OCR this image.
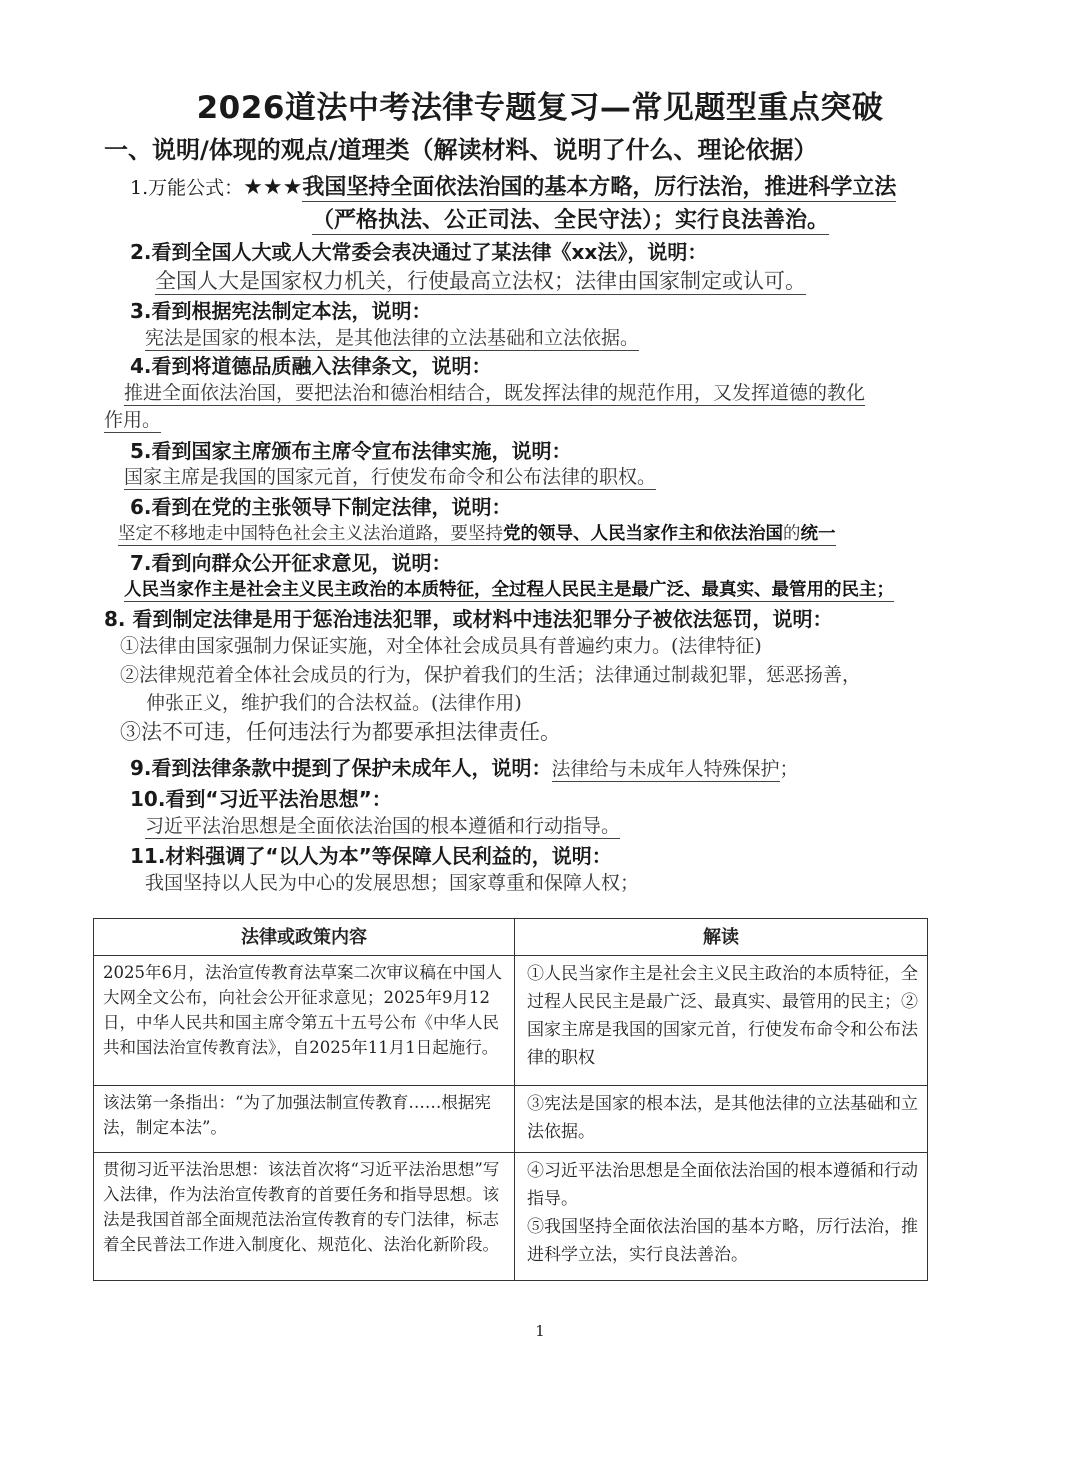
2026道法中考法律专题复习—常见题型重点突破
一、说明/体现的观点/道理类（解读材料、说明了什么、理论依据）
1.万能公式：★★★我国坚持全面依法治国的基本方略，厉行法治，推进科学立法
（严格执法、公正司法、全民守法）；实行良法善治。
2.看到全国人大或人大常委会表决通过了某法律《xx法》，说明：
全国人大是国家权力机关，行使最高立法权；法律由国家制定或认可。
3.看到根据宪法制定本法，说明：
宪法是国家的根本法，是其他法律的立法基础和立法依据。
4.看到将道德品质融入法律条文，说明：
推进全面依法治国，要把法治和德治相结合，既发挥法律的规范作用，又发挥道德的教化
作用。
5.看到国家主席颁布主席令宣布法律实施，说明：
国家主席是我国的国家元首，行使发布命令和公布法律的职权。
6.看到在党的主张领导下制定法律，说明：
坚定不移地走中国特色社会主义法治道路，要坚持党的领导、人民当家作主和依法治国的统一
7.看到向群众公开征求意见，说明：
人民当家作主是社会主义民主政治的本质特征，全过程人民民主是最广泛、最真实、最管用的民主；
8. 看到制定法律是用于惩治违法犯罪，或材料中违法犯罪分子被依法惩罚，说明：
①法律由国家强制力保证实施，对全体社会成员具有普遍约束力。(法律特征)
②法律规范着全体社会成员的行为，保护着我们的生活；法律通过制裁犯罪，惩恶扬善，
伸张正义，维护我们的合法权益。(法律作用)
③法不可违，任何违法行为都要承担法律责任。
9.看到法律条款中提到了保护未成年人，说明：法律给与未成年人特殊保护；
10.看到“习近平法治思想”：
习近平法治思想是全面依法治国的根本遵循和行动指导。
11.材料强调了“以人为本”等保障人民利益的，说明：
我国坚持以人民为中心的发展思想；国家尊重和保障人权；
法律或政策内容	解读
2025年6月，法治宣传教育法草案二次审议稿在中国人大网全文公布，向社会公开征求意见；2025年9月12日，中华人民共和国主席令第五十五号公布《中华人民共和国法治宣传教育法》，自2025年11月1日起施行。	①人民当家作主是社会主义民主政治的本质特征，全过程人民民主是最广泛、最真实、最管用的民主；②国家主席是我国的国家元首，行使发布命令和公布法律的职权
该法第一条指出：“为了加强法制宣传教育……根据宪法，制定本法”。	③宪法是国家的根本法，是其他法律的立法基础和立法依据。
贯彻习近平法治思想：该法首次将“习近平法治思想”写入法律，作为法治宣传教育的首要任务和指导思想。该法是我国首部全面规范法治宣传教育的专门法律，标志着全民普法工作进入制度化、规范化、法治化新阶段。	④习近平法治思想是全面依法治国的根本遵循和行动指导。
⑤我国坚持全面依法治国的基本方略，厉行法治，推进科学立法，实行良法善治。
1
